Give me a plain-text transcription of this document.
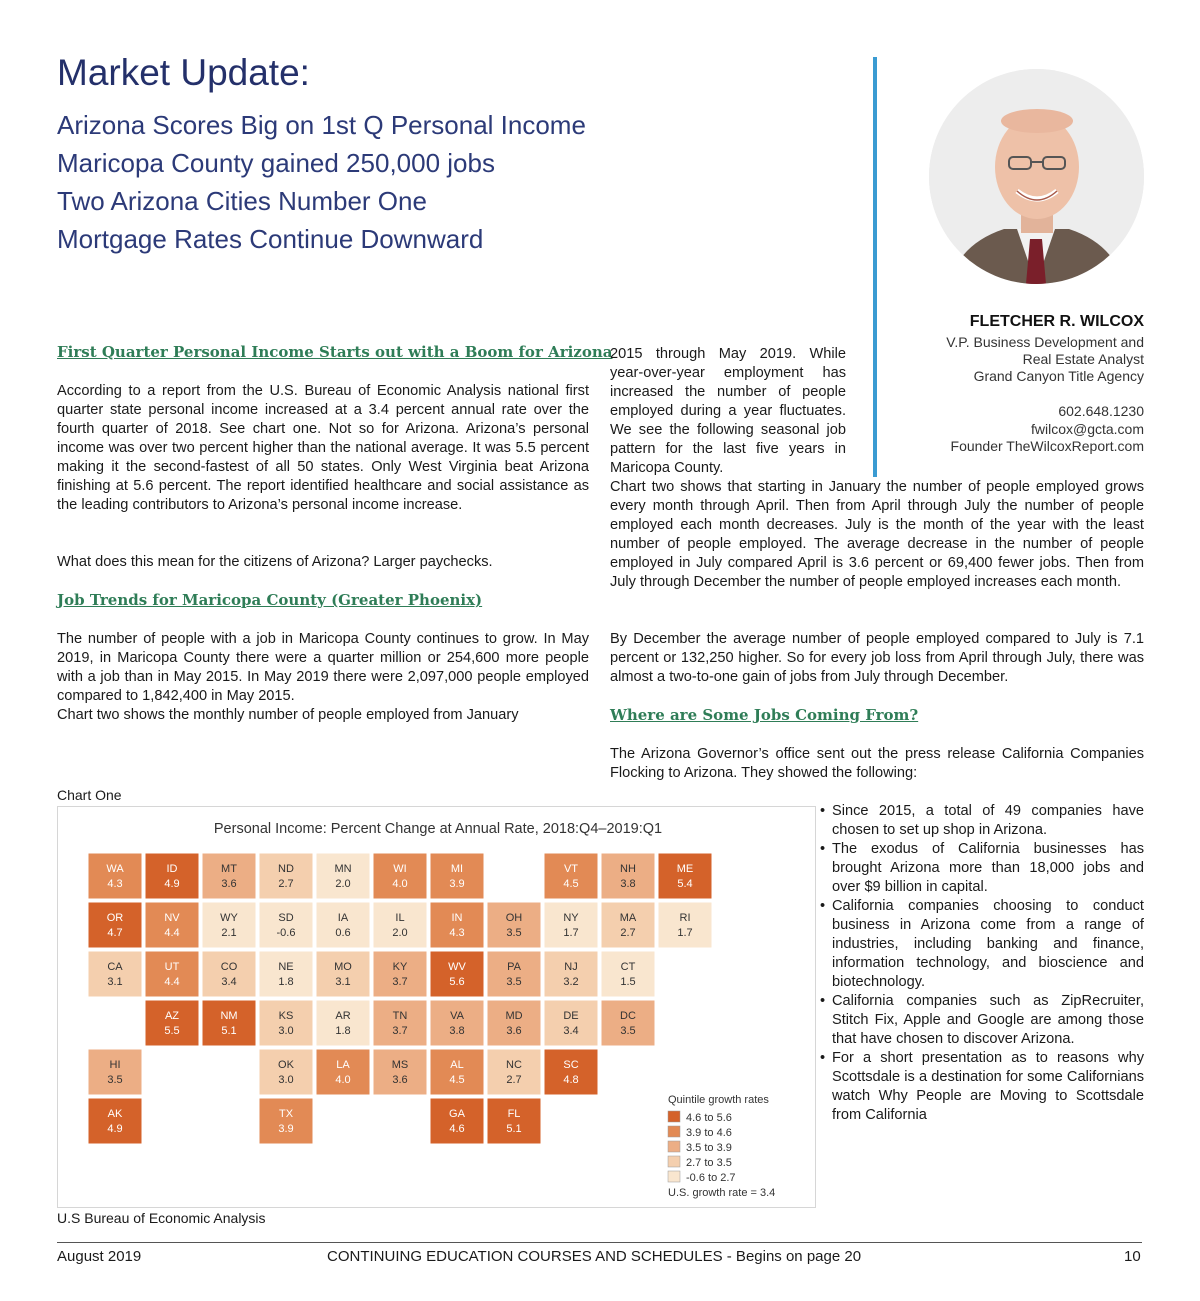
Market Update:
Arizona Scores Big on 1st Q Personal Income
Maricopa County gained 250,000 jobs
Two Arizona Cities Number One
Mortgage Rates Continue Downward
FLETCHER R. WILCOX
V.P. Business Development and
Real Estate Analyst
Grand Canyon Title Agency
602.648.1230
fwilcox@gcta.com
Founder TheWilcoxReport.com
First Quarter Personal Income Starts out with a Boom for Arizona

According to a report from the U.S. Bureau of Economic Analysis national first quarter state personal income increased at a 3.4 percent annual rate over the fourth quarter of 2018. See chart one. Not so for Arizona. Arizona’s personal income was over two percent higher than the national average. It was 5.5 percent making it the second-fastest of all 50 states. Only West Virginia beat Arizona finishing at 5.6 percent. The report identified healthcare and social assistance as the leading contributors to Arizona’s personal income increase.

What does this mean for the citizens of Arizona? Larger paychecks.

Job Trends for Maricopa County (Greater Phoenix)

The number of people with a job in Maricopa County continues to grow. In May 2019, in Maricopa County there were a quarter million or 254,600 more people with a job than in May 2015. In May 2019 there were 2,097,000 people employed compared to 1,842,400 in May 2015.

Chart two shows the monthly number of people employed from January

2015 through May 2019. While year-over-year employment has increased the number of people employed during a year fluctuates. We see the following seasonal job pattern for the last five years in Maricopa County.

Chart two shows that starting in January the number of people employed grows every month through April. Then from April through July the number of people employed each month decreases. July is the month of the year with the least number of people employed. The average decrease in the number of people employed in July compared April is 3.6 percent or 69,400 fewer jobs. Then from July through December the number of people employed increases each month.

By December the average number of people employed compared to July is 7.1 percent or 132,250 higher. So for every job loss from April through July, there was almost a two-to-one gain of jobs from July through December.

Where are Some Jobs Coming From?

The Arizona Governor’s office sent out the press release California Companies Flocking to Arizona. They showed the following:

• Since 2015, a total of 49 companies have chosen to set up shop in Arizona.
• The exodus of California businesses has brought Arizona more than 18,000 jobs and over $9 billion in capital.
• California companies choosing to conduct business in Arizona come from a range of industries, including banking and finance, information technology, and bioscience and biotechnology.
• California companies such as ZipRecruiter, Stitch Fix, Apple and Google are among those that have chosen to discover Arizona.
• For a short presentation as to reasons why Scottsdale is a destination for some Californians watch Why People are Moving to Scottsdale from California
Chart One
Personal Income: Percent Change at Annual Rate, 2018:Q4–2019:Q1
WA
4.3
OR
4.7
CA
3.1
ID
4.9
NV
4.4
MT
3.6
WY
2.1
UT
4.4
AZ
5.5
CO
3.4
NM
5.1
ND
2.7
SD
-0.6
NE
1.8
KS
3.0
OK
3.0
TX
3.9
MN
2.0
IA
0.6
MO
3.1
AR
1.8
LA
4.0
WI
4.0
IL
2.0
MI
3.9
IN
4.3
OH
3.5
KY
3.7
TN
3.7
MS
3.6
AL
4.5
GA
4.6
FL
5.1
SC
4.8
NC
2.7
VA
3.8
WV
5.6
PA
3.5
NY
1.7
VT
4.5
NH
3.8
ME
5.4
MA
2.7
RI
1.7
CT
1.5
NJ
3.2
DE
3.4
MD
3.6
DC
3.5
AK
4.9
HI
3.5
Quintile growth rates
4.6 to 5.6
3.9 to 4.6
3.5 to 3.9
2.7 to 3.5
-0.6 to 2.7
U.S. growth rate = 3.4
U.S Bureau of Economic Analysis
August 2019	CONTINUING EDUCATION COURSES AND SCHEDULES - Begins on page 20	10
